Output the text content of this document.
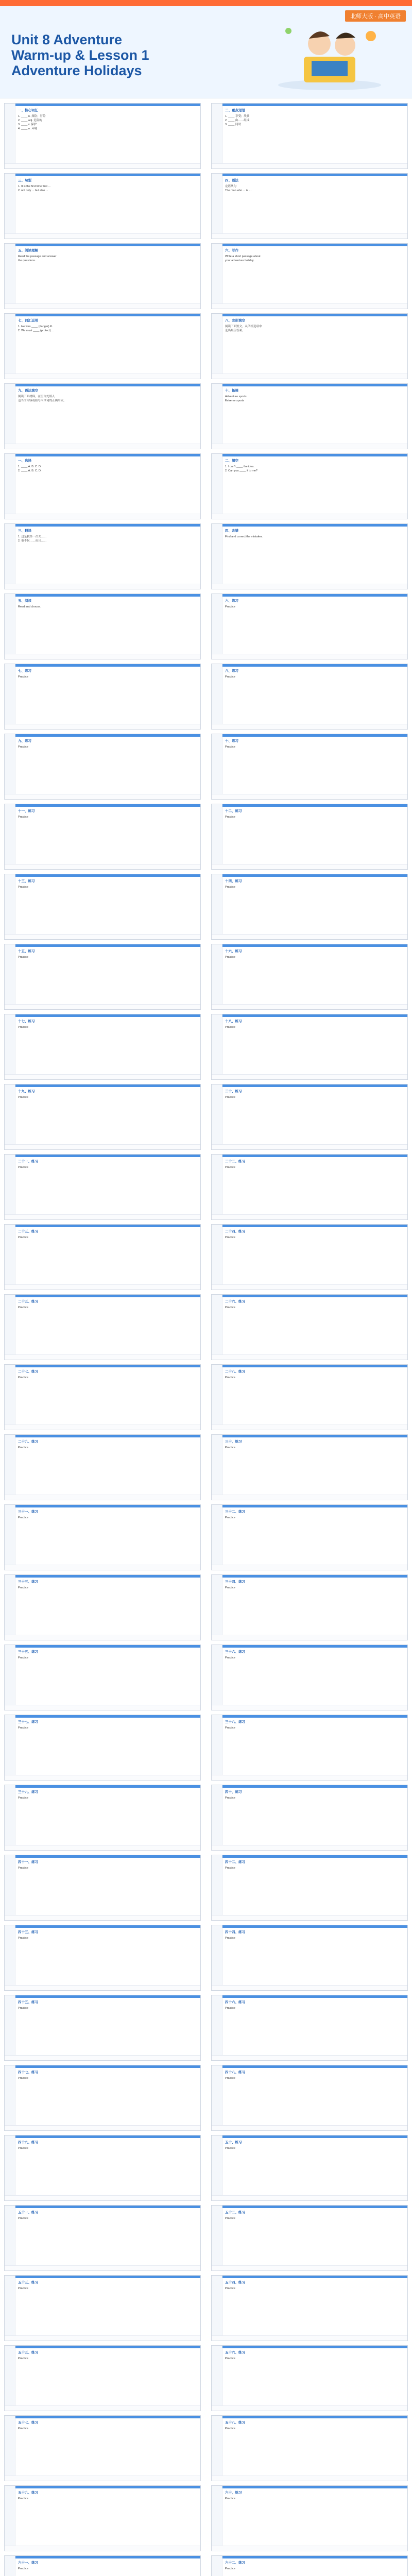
北师大版 · 高中英语
Unit 8 Adventure
Warm-up & Lesson 1
Adventure Holidays
一、核心词汇
1. ____ n. 探险；冒险
2. ____ adj. 危险的
3. ____ v. 保护
4. ____ n. 环境
二、重点短语
1. ____ 享受；欣赏
2. ____ 由……组成
3. ____ 同时
三、句型
1. It is the first time that ...
2. not only ... but also ...
四、语法
定语从句
The man who ... is ...
五、阅读理解
Read the passage and answer
the questions.
六、写作
Write a short passage about
your adventure holiday.
七、词汇运用
1. He was ____ (danger) ill.
2. We must ____ (protect) ...
八、完形填空
阅读下面短文，从所给选项中
选出最佳答案。
九、语法填空
阅读下面材料，在空白处填入
适当的内容或括号内单词的正确形式。
十、拓展
Adventure sports
Extreme sports
一、选择
1. ____ A. B. C. D.
2. ____ A. B. C. D.
二、填空
1. I can't ____ the idea.
2. Can you ____ it to me?
三、翻译
1. 这是我第一次去……
2. 他不仅……而且……
四、改错
Find and correct the mistakes.
五、阅读
Read and choose.
六、练习
Practice
七、练习
Practice
八、练习
Practice
九、练习
Practice
十、练习
Practice
十一、练习
Practice
十二、练习
Practice
十三、练习
Practice
十四、练习
Practice
十五、练习
Practice
十六、练习
Practice
十七、练习
Practice
十八、练习
Practice
十九、练习
Practice
二十、练习
Practice
二十一、练习
Practice
二十二、练习
Practice
二十三、练习
Practice
二十四、练习
Practice
二十五、练习
Practice
二十六、练习
Practice
二十七、练习
Practice
二十八、练习
Practice
二十九、练习
Practice
三十、练习
Practice
三十一、练习
Practice
三十二、练习
Practice
三十三、练习
Practice
三十四、练习
Practice
三十五、练习
Practice
三十六、练习
Practice
三十七、练习
Practice
三十八、练习
Practice
三十九、练习
Practice
四十、练习
Practice
四十一、练习
Practice
四十二、练习
Practice
四十三、练习
Practice
四十四、练习
Practice
四十五、练习
Practice
四十六、练习
Practice
四十七、练习
Practice
四十八、练习
Practice
四十九、练习
Practice
五十、练习
Practice
五十一、练习
Practice
五十二、练习
Practice
五十三、练习
Practice
五十四、练习
Practice
五十五、练习
Practice
五十六、练习
Practice
五十七、练习
Practice
五十八、练习
Practice
五十九、练习
Practice
六十、练习
Practice
六十一、练习
Practice
六十二、练习
Practice
